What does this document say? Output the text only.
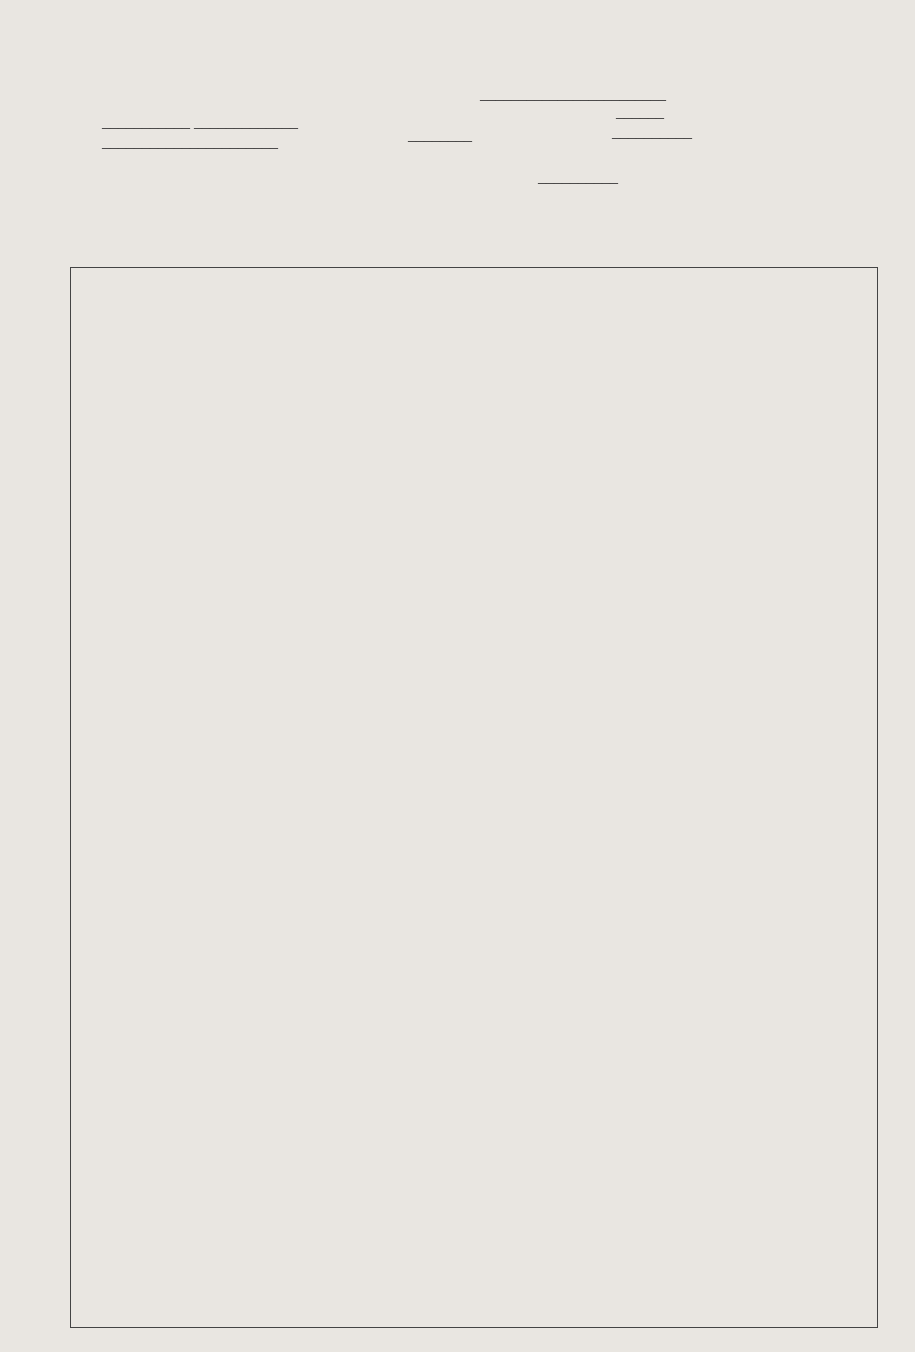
________________________
___________ _____________
______
______________________	________	__________
__________
